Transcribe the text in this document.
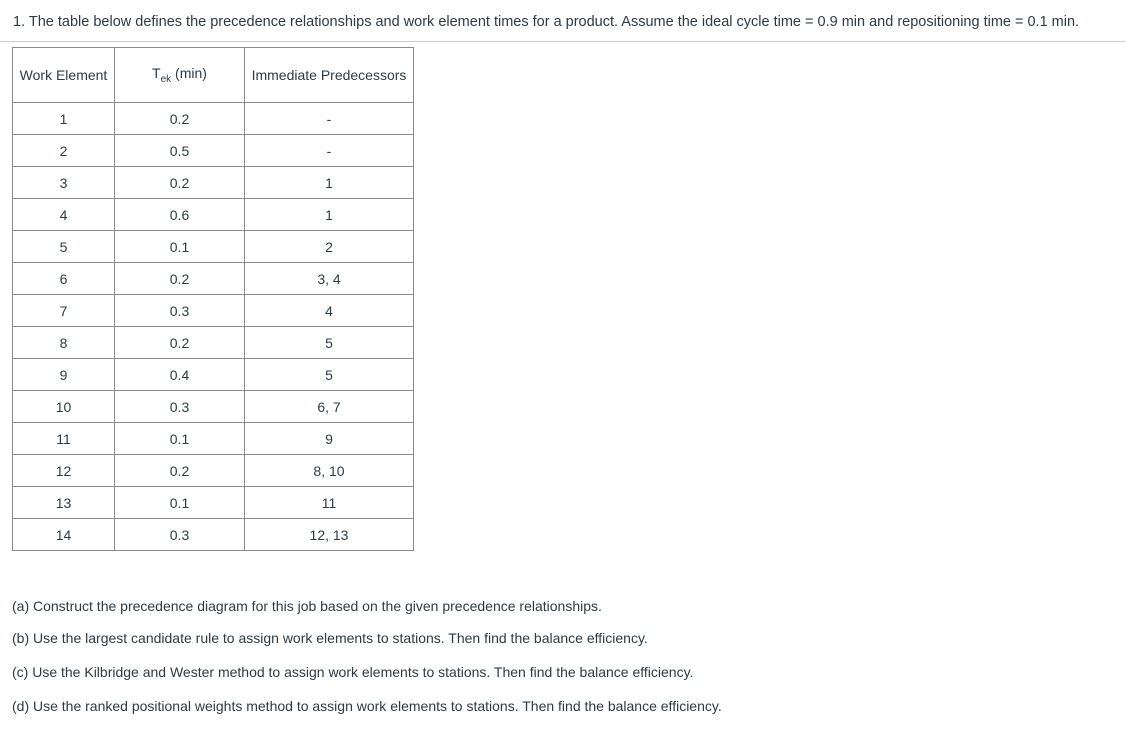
1. The table below defines the precedence relationships and work element times for a product. Assume the ideal cycle time = 0.9 min and repositioning time = 0.1 min.
Work Element	$T_{ek}$ (min)	Immediate Predecessors
1	0.2	-
2	0.5	-
3	0.2	1
4	0.6	1
5	0.1	2
6	0.2	3, 4
7	0.3	4
8	0.2	5
9	0.4	5
10	0.3	6, 7
11	0.1	9
12	0.2	8, 10
13	0.1	11
14	0.3	12, 13

(a) Construct the precedence diagram for this job based on the given precedence relationships.

(b) Use the largest candidate rule to assign work elements to stations. Then find the balance efficiency.

(c) Use the Kilbridge and Wester method to assign work elements to stations. Then find the balance efficiency.

(d) Use the ranked positional weights method to assign work elements to stations. Then find the balance efficiency.
